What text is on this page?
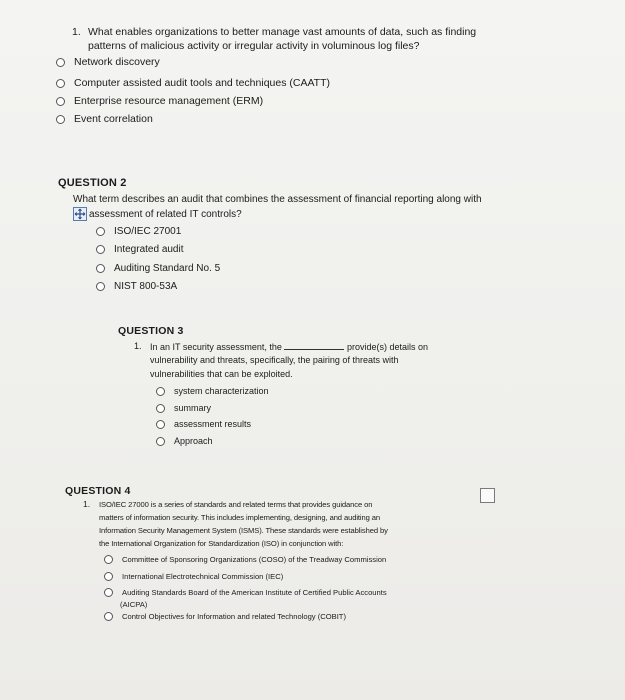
1. What enables organizations to better manage vast amounts of data, such as finding
patterns of malicious activity or irregular activity in voluminous log files?
Network discovery
Computer assisted audit tools and techniques (CAATT)
Enterprise resource management (ERM)
Event correlation
QUESTION 2
What term describes an audit that combines the assessment of financial reporting along with
assessment of related IT controls?
ISO/IEC 27001
Integrated audit
Auditing Standard No. 5
NIST 800-53A
QUESTION 3
1. In an IT security assessment, the	provide(s) details on
vulnerability and threats, specifically, the pairing of threats with
vulnerabilities that can be exploited.
system characterization
summary
assessment results
Approach
QUESTION 4
1. ISO/IEC 27000 is a series of standards and related terms that provides guidance on
matters of information security. This includes implementing, designing, and auditing an
Information Security Management System (ISMS). These standards were established by
the International Organization for Standardization (ISO) in conjunction with:
Committee of Sponsoring Organizations (COSO) of the Treadway Commission
International Electrotechnical Commission (IEC)
Auditing Standards Board of the American Institute of Certified Public Accounts
(AICPA)
Control Objectives for Information and related Technology (COBIT)
